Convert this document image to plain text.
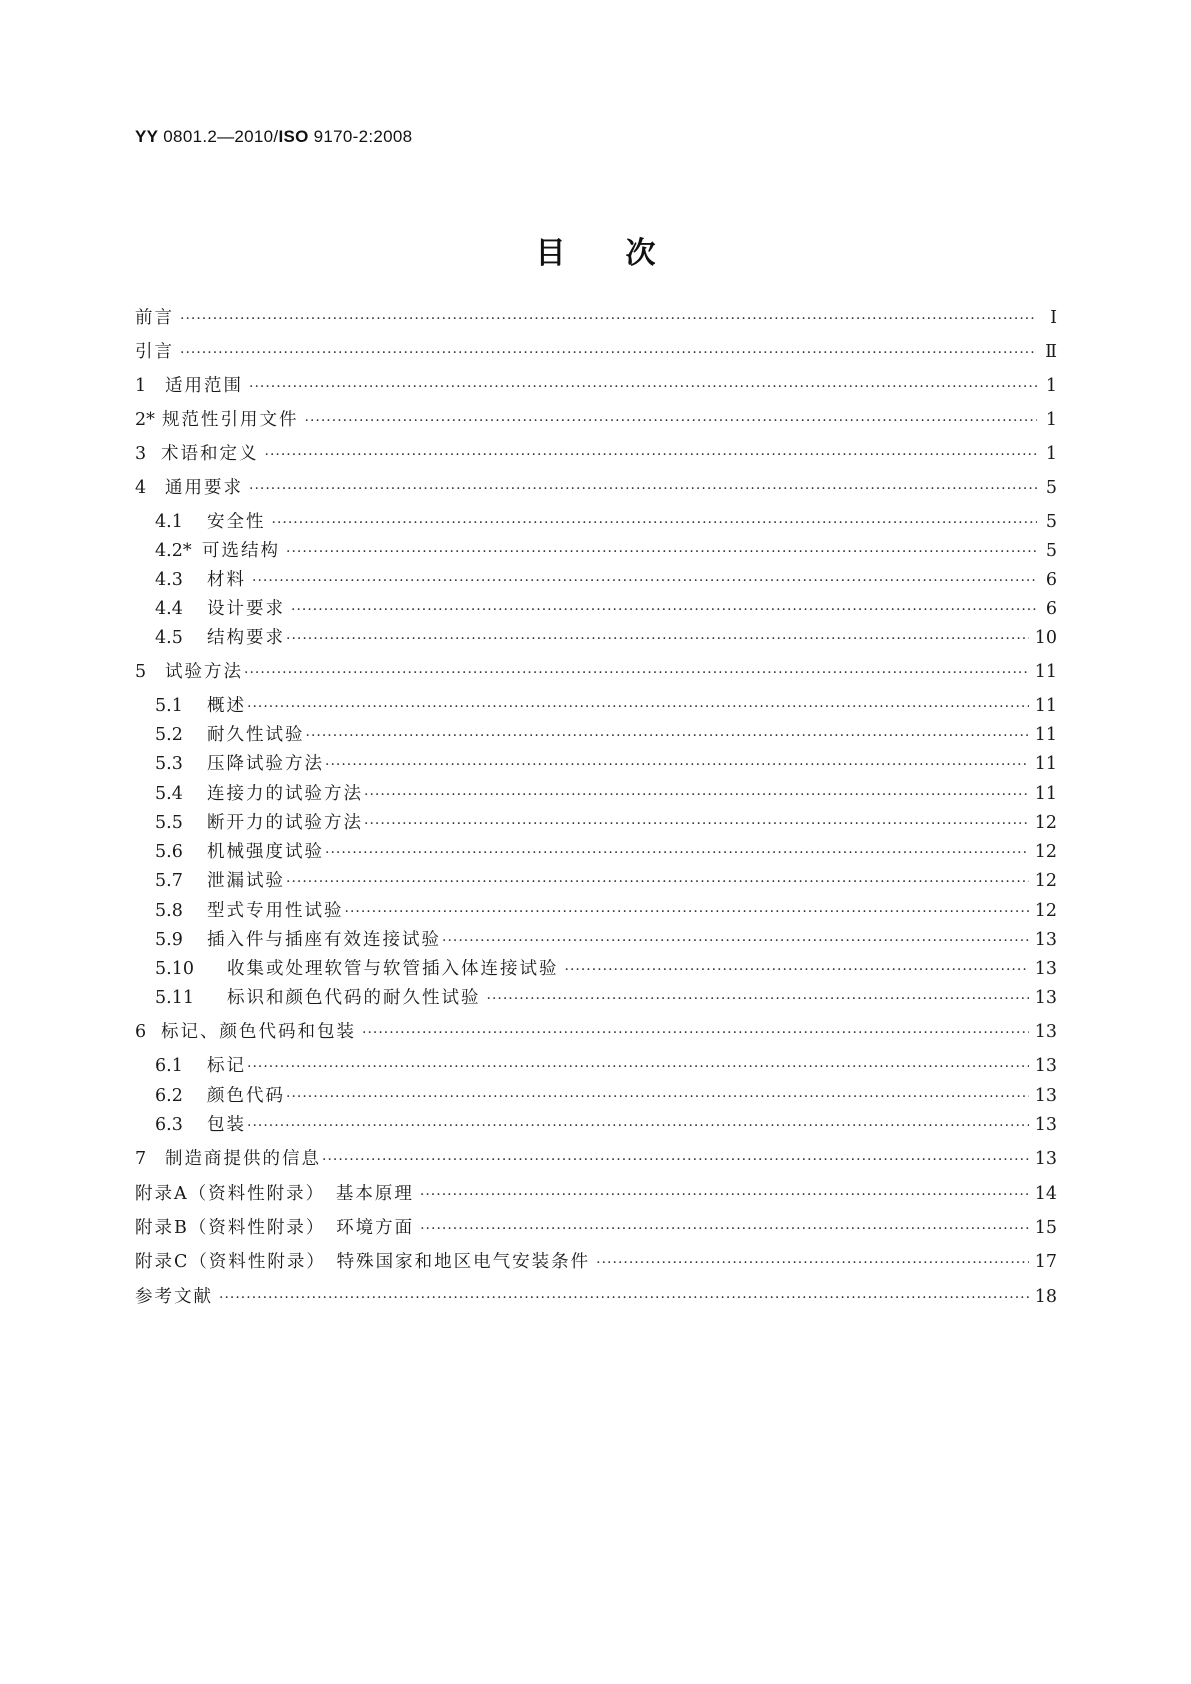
YY 0801.2—2010/ISO 9170-2:2008
目次
前言 ·····	Ⅰ
引言 ·····	Ⅱ
1	适用范围 ·····	1
2* 规范性引用文件 ·····	1
3 术语和定义 ·····	1
4	通用要求 ·····	5
4.1	安全性 ·····	5
4.2* 可选结构 ·····	5
4.3	材料 ·····	6
4.4	设计要求 ·····	6
4.5	结构要求 ·····	10
5	试验方法 ·····	11
5.1	概述 ·····	11
5.2	耐久性试验 ·····	11
5.3	压降试验方法 ·····	11
5.4	连接力的试验方法 ·····	11
5.5	断开力的试验方法 ·····	12
5.6	机械强度试验 ·····	12
5.7	泄漏试验 ·····	12
5.8	型式专用性试验 ·····	12
5.9	插入件与插座有效连接试验 ·····	13
5.10	收集或处理软管与软管插入体连接试验 ·····	13
5.11	标识和颜色代码的耐久性试验 ·····	13
6 标记、颜色代码和包装 ·····	13
6.1	标记 ·····	13
6.2	颜色代码 ·····	13
6.3	包装 ·····	13
7	制造商提供的信息 ·····	13
附录A（资料性附录）　基本原理 ·····	14
附录B（资料性附录）　环境方面 ·····	15
附录C（资料性附录）　特殊国家和地区电气安装条件 ·····	17
参考文献 ·····	18
